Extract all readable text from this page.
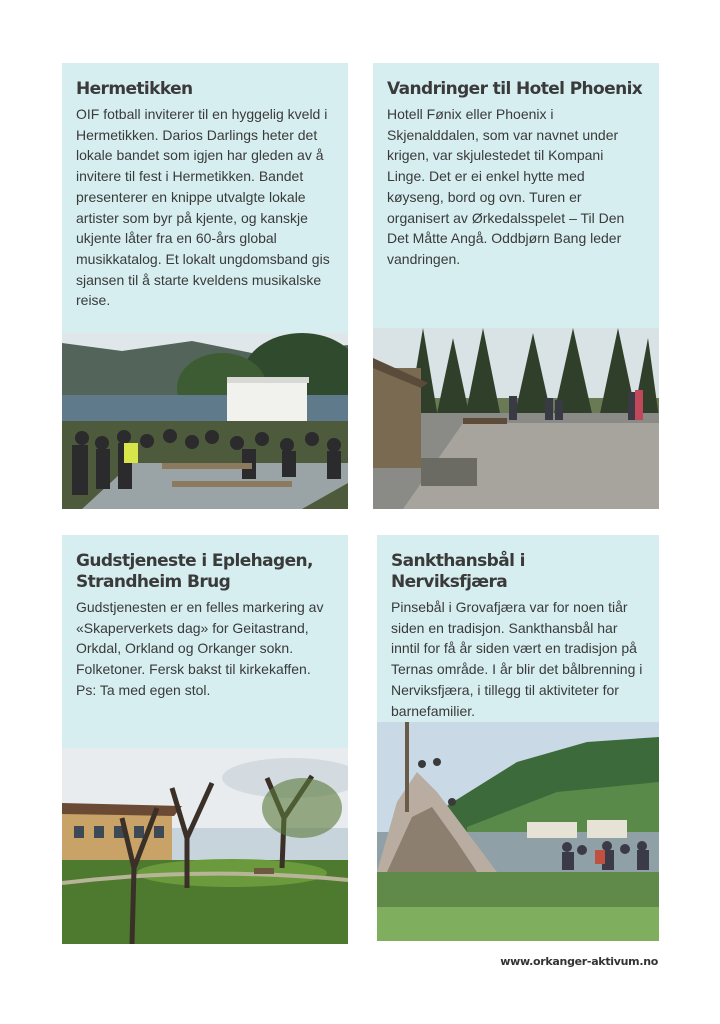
Hermetikken

OIF fotball inviterer til en hyggelig kveld i Hermetikken. Darios Darlings heter det lokale bandet som igjen har gleden av å invitere til fest i Hermetikken. Bandet presenterer en knippe utvalgte lokale artister som byr på kjente, og kanskje ukjente låter fra en 60-års global musikkatalog. Et lokalt ungdomsband gis sjansen til å starte kveldens musikalske reise.

Vandringer til Hotel Phoenix

Hotell Fønix eller Phoenix i Skjenalddalen, som var navnet under krigen, var skjulestedet til Kompani Linge. Det er ei enkel hytte med køyseng, bord og ovn. Turen er organisert av Ørkedalsspelet – Til Den Det Måtte Angå. Oddbjørn Bang leder vandringen.

Gudstjeneste i Eplehagen, Strandheim Brug

Gudstjenesten er en felles markering av «Skaperverkets dag» for Geitastrand, Orkdal, Orkland og Orkanger sokn. Folketoner. Fersk bakst til kirkekaffen. Ps: Ta med egen stol.

Sankthansbål i Nerviksfjæra

Pinsebål i Grovafjæra var for noen tiår siden en tradisjon. Sankthansbål har inntil for få år siden vært en tradisjon på Ternas område. I år blir det bålbrenning i Nerviksfjæra, i tillegg til aktiviteter for barnefamilier.

www.orkanger-aktivum.no
